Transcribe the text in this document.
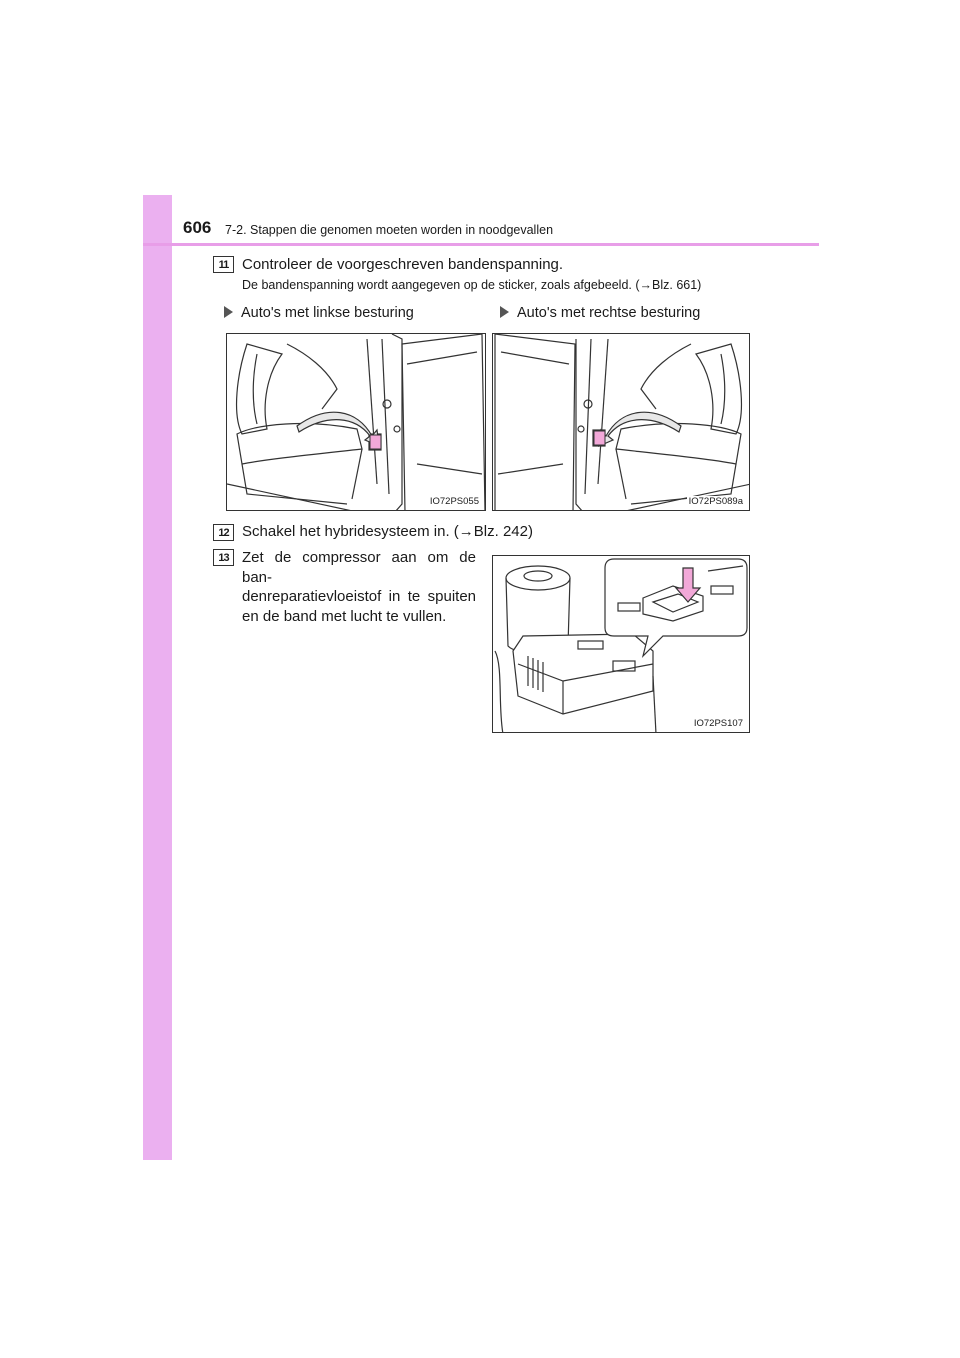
606 7-2. Stappen die genomen moeten worden in noodgevallen
11 Controleer de voorgeschreven bandenspanning.
De bandenspanning wordt aangegeven op de sticker, zoals afgebeeld. (→Blz. 661)
Auto's met linkse besturing	Auto's met rechtse besturing
IO72PS055	IO72PS089a
12 Schakel het hybridesysteem in. (→Blz. 242)
13 Zet de compressor aan om de ban-
denreparatievloeistof in te spuiten
en de band met lucht te vullen.
IO72PS107
